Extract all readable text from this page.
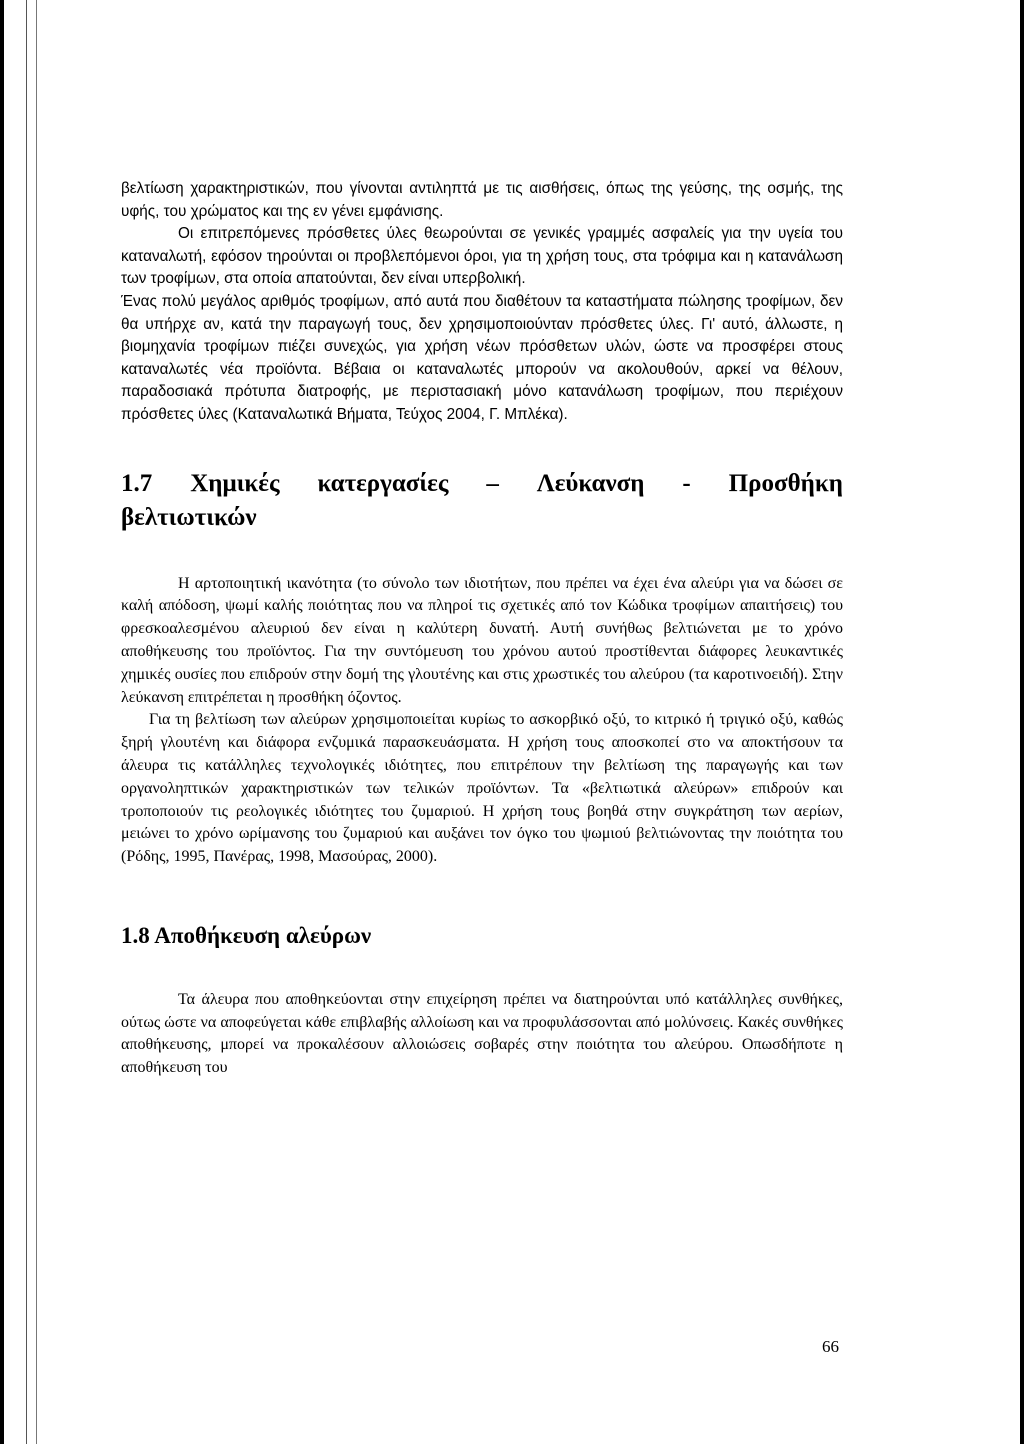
βελτίωση χαρακτηριστικών, που γίνονται αντιληπτά με τις αισθήσεις, όπως της γεύσης, της οσμής, της υφής, του χρώματος και της εν γένει εμφάνισης.

Οι επιτρεπόμενες πρόσθετες ύλες θεωρούνται σε γενικές γραμμές ασφαλείς για την υγεία του καταναλωτή, εφόσον τηρούνται οι προβλεπόμενοι όροι, για τη χρήση τους, στα τρόφιμα και η κατανάλωση των τροφίμων, στα οποία απατούνται, δεν είναι υπερβολική.

Ένας πολύ μεγάλος αριθμός τροφίμων, από αυτά που διαθέτουν τα καταστήματα πώλησης τροφίμων, δεν θα υπήρχε αν, κατά την παραγωγή τους, δεν χρησιμοποιούνταν πρόσθετες ύλες. Γι' αυτό, άλλωστε, η βιομηχανία τροφίμων πιέζει συνεχώς, για χρήση νέων πρόσθετων υλών, ώστε να προσφέρει στους καταναλωτές νέα προϊόντα. Βέβαια οι καταναλωτές μπορούν να ακολουθούν, αρκεί να θέλουν, παραδοσιακά πρότυπα διατροφής, με περιστασιακή μόνο κατανάλωση τροφίμων, που περιέχουν πρόσθετες ύλες (Καταναλωτικά Βήματα, Τεύχος 2004, Γ. Μπλέκα).

1.7 Χημικές κατεργασίες – Λεύκανση - Προσθήκη
βελτιωτικών

Η αρτοποιητική ικανότητα (το σύνολο των ιδιοτήτων, που πρέπει να έχει ένα αλεύρι για να δώσει σε καλή απόδοση, ψωμί καλής ποιότητας που να πληροί τις σχετικές από τον Κώδικα τροφίμων απαιτήσεις) του φρεσκοαλεσμένου αλευριού δεν είναι η καλύτερη δυνατή. Αυτή συνήθως βελτιώνεται με το χρόνο αποθήκευσης του προϊόντος. Για την συντόμευση του χρόνου αυτού προστίθενται διάφορες λευκαντικές χημικές ουσίες που επιδρούν στην δομή της γλουτένης και στις χρωστικές του αλεύρου (τα καροτινοειδή). Στην λεύκανση επιτρέπεται η προσθήκη όζοντος.

Για τη βελτίωση των αλεύρων χρησιμοποιείται κυρίως το ασκορβικό οξύ, το κιτρικό ή τριγικό οξύ, καθώς ξηρή γλουτένη και διάφορα ενζυμικά παρασκευάσματα. Η χρήση τους αποσκοπεί στο να αποκτήσουν τα άλευρα τις κατάλληλες τεχνολογικές ιδιότητες, που επιτρέπουν την βελτίωση της παραγωγής και των οργανοληπτικών χαρακτηριστικών των τελικών προϊόντων. Τα «βελτιωτικά αλεύρων» επιδρούν και τροποποιούν τις ρεολογικές ιδιότητες του ζυμαριού. Η χρήση τους βοηθά στην συγκράτηση των αερίων, μειώνει το χρόνο ωρίμανσης του ζυμαριού και αυξάνει τον όγκο του ψωμιού βελτιώνοντας την ποιότητα του (Ρόδης, 1995, Πανέρας, 1998, Μασούρας, 2000).

1.8 Αποθήκευση αλεύρων

Τα άλευρα που αποθηκεύονται στην επιχείρηση πρέπει να διατηρούνται υπό κατάλληλες συνθήκες, ούτως ώστε να αποφεύγεται κάθε επιβλαβής αλλοίωση και να προφυλάσσονται από μολύνσεις. Κακές συνθήκες αποθήκευσης, μπορεί να προκαλέσουν αλλοιώσεις σοβαρές στην ποιότητα του αλεύρου. Οπωσδήποτε η αποθήκευση του

66
